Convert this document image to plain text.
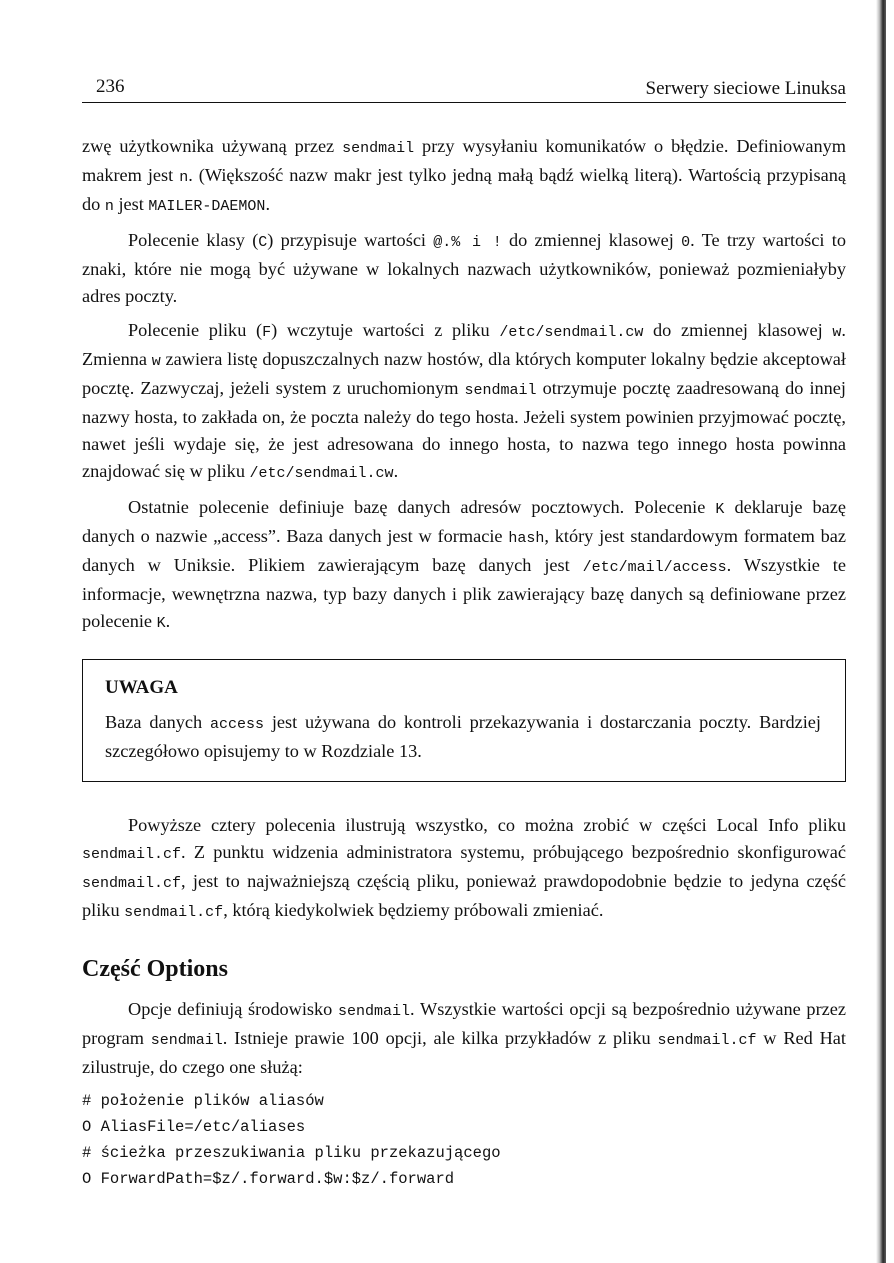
236	Serwery sieciowe Linuksa

zwę użytkownika używaną przez sendmail przy wysyłaniu komunikatów o błędzie. Definiowanym makrem jest n. (Większość nazw makr jest tylko jedną małą bądź wielką literą). Wartością przypisaną do n jest MAILER-DAEMON.

Polecenie klasy (C) przypisuje wartości @.% i ! do zmiennej klasowej 0. Te trzy wartości to znaki, które nie mogą być używane w lokalnych nazwach użytkowników, ponieważ pozmieniałyby adres poczty.

Polecenie pliku (F) wczytuje wartości z pliku /etc/sendmail.cw do zmiennej klasowej w. Zmienna w zawiera listę dopuszczalnych nazw hostów, dla których komputer lokalny będzie akceptował pocztę. Zazwyczaj, jeżeli system z uruchomionym sendmail otrzymuje pocztę zaadresowaną do innej nazwy hosta, to zakłada on, że poczta należy do tego hosta. Jeżeli system powinien przyjmować pocztę, nawet jeśli wydaje się, że jest adresowana do innego hosta, to nazwa tego innego hosta powinna znajdować się w pliku /etc/sendmail.cw.

Ostatnie polecenie definiuje bazę danych adresów pocztowych. Polecenie K deklaruje bazę danych o nazwie „access”. Baza danych jest w formacie hash, który jest standardowym formatem baz danych w Uniksie. Plikiem zawierającym bazę danych jest /etc/mail/access. Wszystkie te informacje, wewnętrzna nazwa, typ bazy danych i plik zawierający bazę danych są definiowane przez polecenie K.

UWAGA

Baza danych access jest używana do kontroli przekazywania i dostarczania poczty. Bardziej szczegółowo opisujemy to w Rozdziale 13.

Powyższe cztery polecenia ilustrują wszystko, co można zrobić w części Local Info pliku sendmail.cf. Z punktu widzenia administratora systemu, próbującego bezpośrednio skonfigurować sendmail.cf, jest to najważniejszą częścią pliku, ponieważ prawdopodobnie będzie to jedyna część pliku sendmail.cf, którą kiedykolwiek będziemy próbowali zmieniać.

Część Options

Opcje definiują środowisko sendmail. Wszystkie wartości opcji są bezpośrednio używane przez program sendmail. Istnieje prawie 100 opcji, ale kilka przykładów z pliku sendmail.cf w Red Hat zilustruje, do czego one służą:

# położenie plików aliasów
O AliasFile=/etc/aliases
# ścieżka przeszukiwania pliku przekazującego
O ForwardPath=$z/.forward.$w:$z/.forward
